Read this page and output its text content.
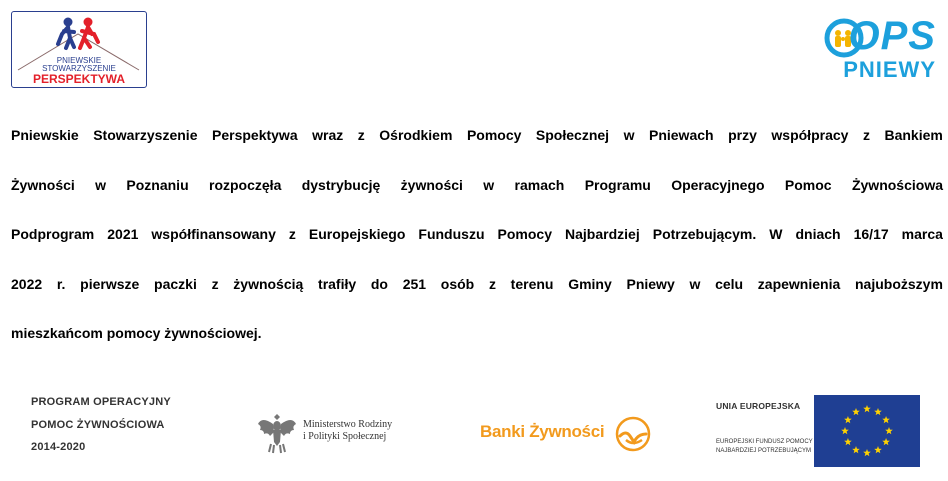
PNIEWSKIE
STOWARZYSZENIE
PERSPEKTYWA
OPS
PNIEWY
Pniewskie Stowarzyszenie Perspektywa wraz z Ośrodkiem Pomocy Społecznej w Pniewach przy współpracy z Bankiem
Żywności w Poznaniu rozpoczęła dystrybucję żywności w ramach Programu Operacyjnego Pomoc Żywnościowa
Podprogram 2021 współfinansowany z Europejskiego Funduszu Pomocy Najbardziej Potrzebującym. W dniach 16/17 marca
2022 r. pierwsze paczki z żywnością trafiły do 251 osób z terenu Gminy Pniewy w celu zapewnienia najuboższym
mieszkańcom pomocy żywnościowej.
PROGRAM OPERACYJNY
POMOC ŻYWNOŚCIOWA
2014-2020
Ministerstwo Rodziny
i Polityki Społecznej	Banki Żywności
UNIA EUROPEJSKA
EUROPEJSKI FUNDUSZ POMOCY
NAJBARDZIEJ POTRZEBUJĄCYM
